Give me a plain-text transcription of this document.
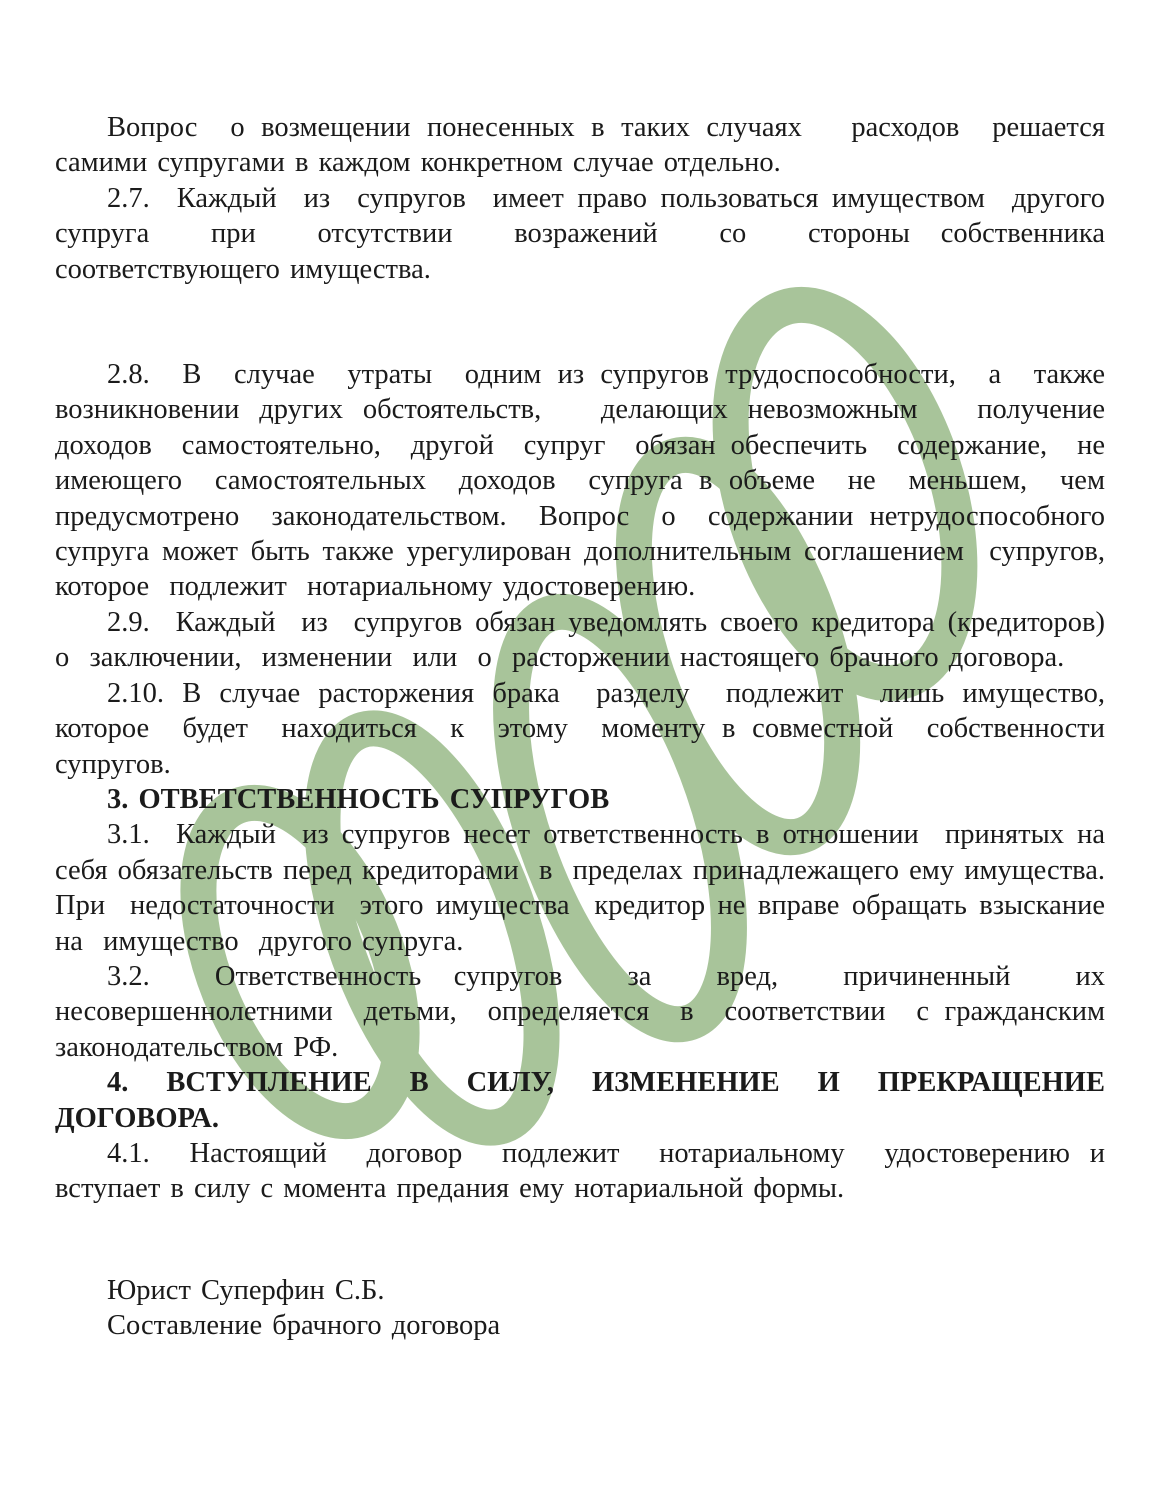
Вопрос  о возмещении понесенных в таких случаях   расходов  решается самими супругами в каждом конкретном случае отдельно.

2.7.  Каждый  из  супругов  имеет право пользоваться имуществом  другого супруга  при  отсутствии  возражений  со  стороны собственника соответствующего имущества.

2.8.  В  случае  утраты  одним из супругов трудоспособности,  а  также возникновении других обстоятельств,   делающих невозможным   получение доходов  самостоятельно,  другой  супруг  обязан обеспечить  содержание,  не имеющего  самостоятельных  доходов  супруга в объеме  не  меньшем,  чем предусмотрено  законодательством.  Вопрос  о  содержании нетрудоспособного супруга может быть также урегулирован дополнительным соглашением  супругов,  которое  подлежит  нотариальному удостоверению.

2.9.  Каждый  из  супругов обязан уведомлять своего кредитора (кредиторов)  о  заключении,  изменении  или  о  расторжении настоящего брачного договора.

2.10. В случае расторжения брака  разделу  подлежит  лишь имущество, которое  будет  находиться  к  этому  моменту в совместной  собственности супругов.

3. ОТВЕТСТВЕННОСТЬ СУПРУГОВ

3.1.  Каждый  из супругов несет ответственность в отношении  принятых на себя обязательств перед кредиторами  в  пределах принадлежащего ему имущества.  При  недостаточности  этого имущества  кредитор не вправе обращать взыскание на  имущество  другого супруга.

3.2.  Ответственность супругов  за  вред,  причиненный  их несовершеннолетними  детьми,  определяется  в  соответствии  с гражданским законодательством РФ.

4. ВСТУПЛЕНИЕ В СИЛУ, ИЗМЕНЕНИЕ И ПРЕКРАЩЕНИЕ ДОГОВОРА.

4.1.  Настоящий  договор  подлежит  нотариальному  удостоверению и вступает в силу с момента предания ему нотариальной формы.

Юрист Суперфин С.Б.

Составление брачного договора
